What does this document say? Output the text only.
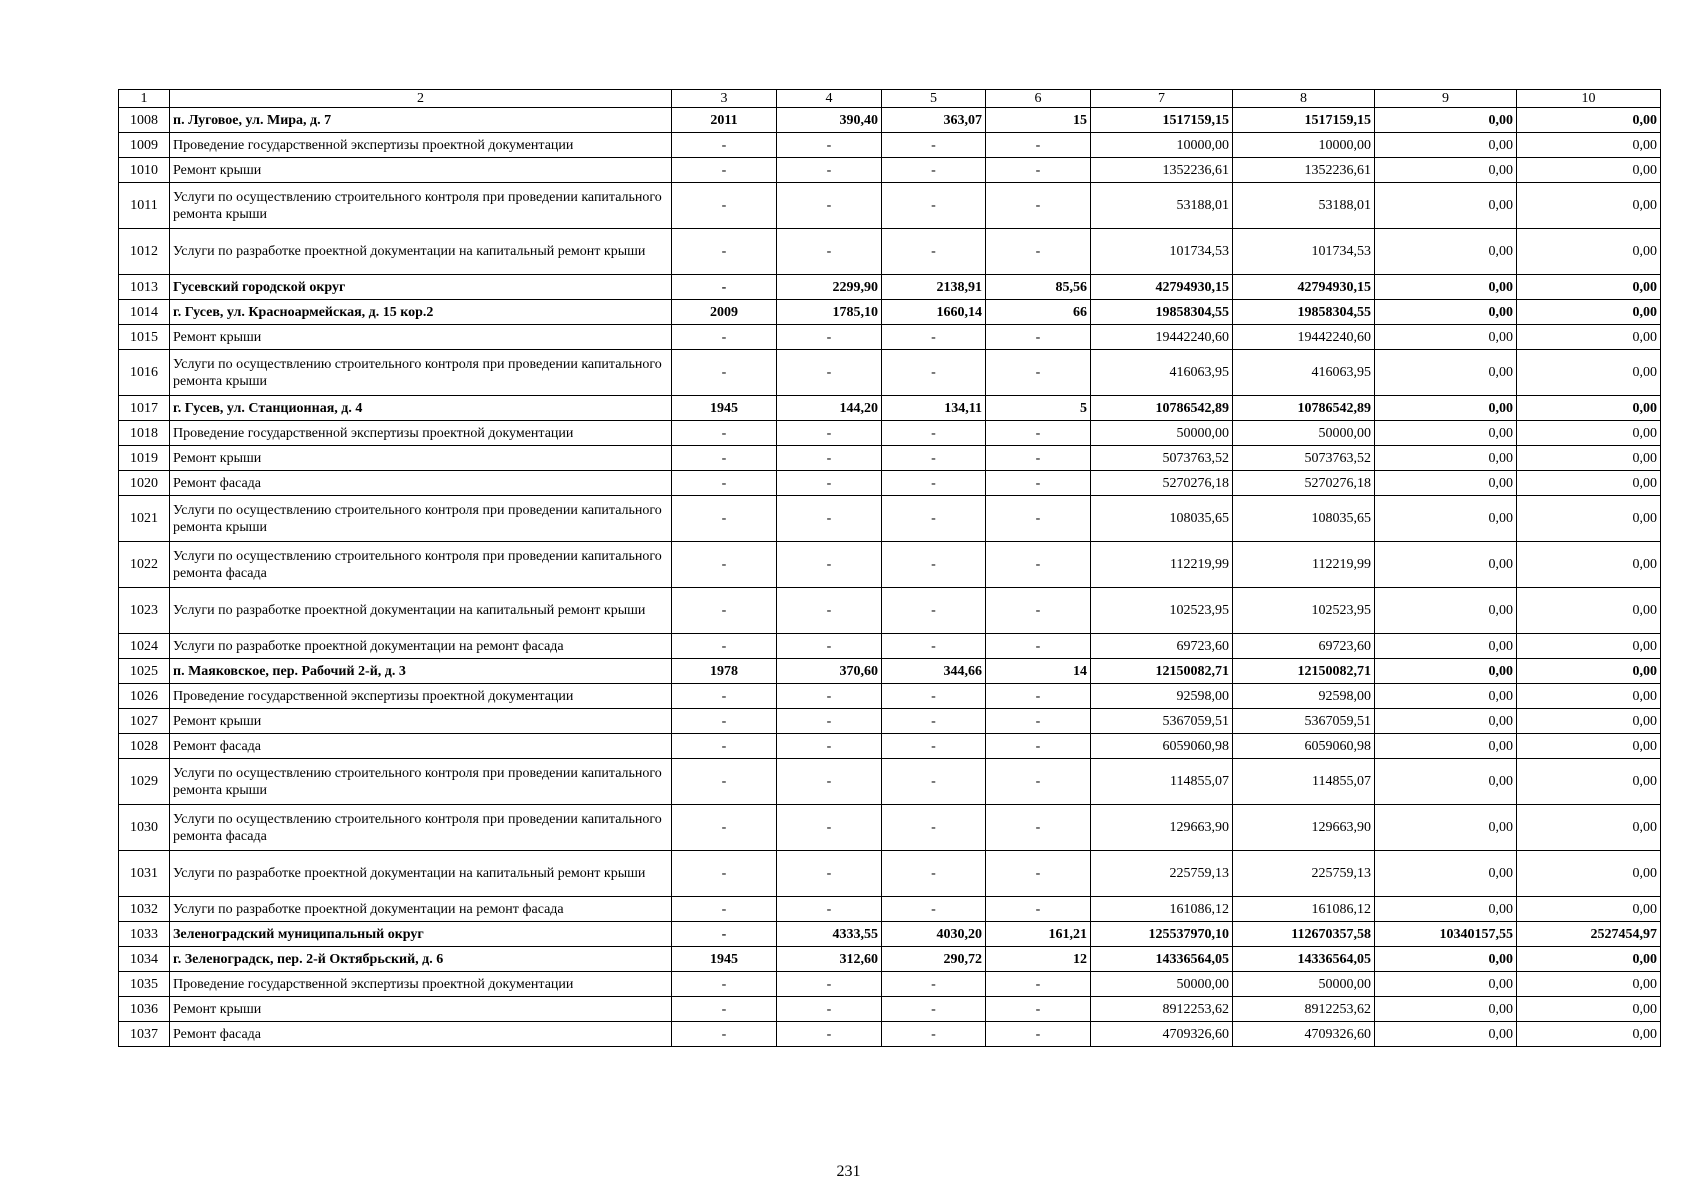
1	2	3	4	5	6	7	8	9	10
1008	п. Луговое, ул. Мира, д. 7	2011	390,40	363,07	15	1517159,15	1517159,15	0,00	0,00
1009	Проведение государственной экспертизы проектной документации	-	-	-	-	10000,00	10000,00	0,00	0,00
1010	Ремонт крыши	-	-	-	-	1352236,61	1352236,61	0,00	0,00
1011	Услуги по осуществлению строительного контроля при проведении капитального ремонта крыши	-	-	-	-	53188,01	53188,01	0,00	0,00
1012	Услуги по разработке проектной документации на капитальный ремонт крыши	-	-	-	-	101734,53	101734,53	0,00	0,00
1013	Гусевский городской округ	-	2299,90	2138,91	85,56	42794930,15	42794930,15	0,00	0,00
1014	г. Гусев, ул. Красноармейская, д. 15 кор.2	2009	1785,10	1660,14	66	19858304,55	19858304,55	0,00	0,00
1015	Ремонт крыши	-	-	-	-	19442240,60	19442240,60	0,00	0,00
1016	Услуги по осуществлению строительного контроля при проведении капитального ремонта крыши	-	-	-	-	416063,95	416063,95	0,00	0,00
1017	г. Гусев, ул. Станционная, д. 4	1945	144,20	134,11	5	10786542,89	10786542,89	0,00	0,00
1018	Проведение государственной экспертизы проектной документации	-	-	-	-	50000,00	50000,00	0,00	0,00
1019	Ремонт крыши	-	-	-	-	5073763,52	5073763,52	0,00	0,00
1020	Ремонт фасада	-	-	-	-	5270276,18	5270276,18	0,00	0,00
1021	Услуги по осуществлению строительного контроля при проведении капитального ремонта крыши	-	-	-	-	108035,65	108035,65	0,00	0,00
1022	Услуги по осуществлению строительного контроля при проведении капитального ремонта фасада	-	-	-	-	112219,99	112219,99	0,00	0,00
1023	Услуги по разработке проектной документации на капитальный ремонт крыши	-	-	-	-	102523,95	102523,95	0,00	0,00
1024	Услуги по разработке проектной документации на ремонт фасада	-	-	-	-	69723,60	69723,60	0,00	0,00
1025	п. Маяковское, пер. Рабочий 2-й, д. 3	1978	370,60	344,66	14	12150082,71	12150082,71	0,00	0,00
1026	Проведение государственной экспертизы проектной документации	-	-	-	-	92598,00	92598,00	0,00	0,00
1027	Ремонт крыши	-	-	-	-	5367059,51	5367059,51	0,00	0,00
1028	Ремонт фасада	-	-	-	-	6059060,98	6059060,98	0,00	0,00
1029	Услуги по осуществлению строительного контроля при проведении капитального ремонта крыши	-	-	-	-	114855,07	114855,07	0,00	0,00
1030	Услуги по осуществлению строительного контроля при проведении капитального ремонта фасада	-	-	-	-	129663,90	129663,90	0,00	0,00
1031	Услуги по разработке проектной документации на капитальный ремонт крыши	-	-	-	-	225759,13	225759,13	0,00	0,00
1032	Услуги по разработке проектной документации на ремонт фасада	-	-	-	-	161086,12	161086,12	0,00	0,00
1033	Зеленоградский муниципальный округ	-	4333,55	4030,20	161,21	125537970,10	112670357,58	10340157,55	2527454,97
1034	г. Зеленоградск, пер. 2-й Октябрьский, д. 6	1945	312,60	290,72	12	14336564,05	14336564,05	0,00	0,00
1035	Проведение государственной экспертизы проектной документации	-	-	-	-	50000,00	50000,00	0,00	0,00
1036	Ремонт крыши	-	-	-	-	8912253,62	8912253,62	0,00	0,00
1037	Ремонт фасада	-	-	-	-	4709326,60	4709326,60	0,00	0,00
231
